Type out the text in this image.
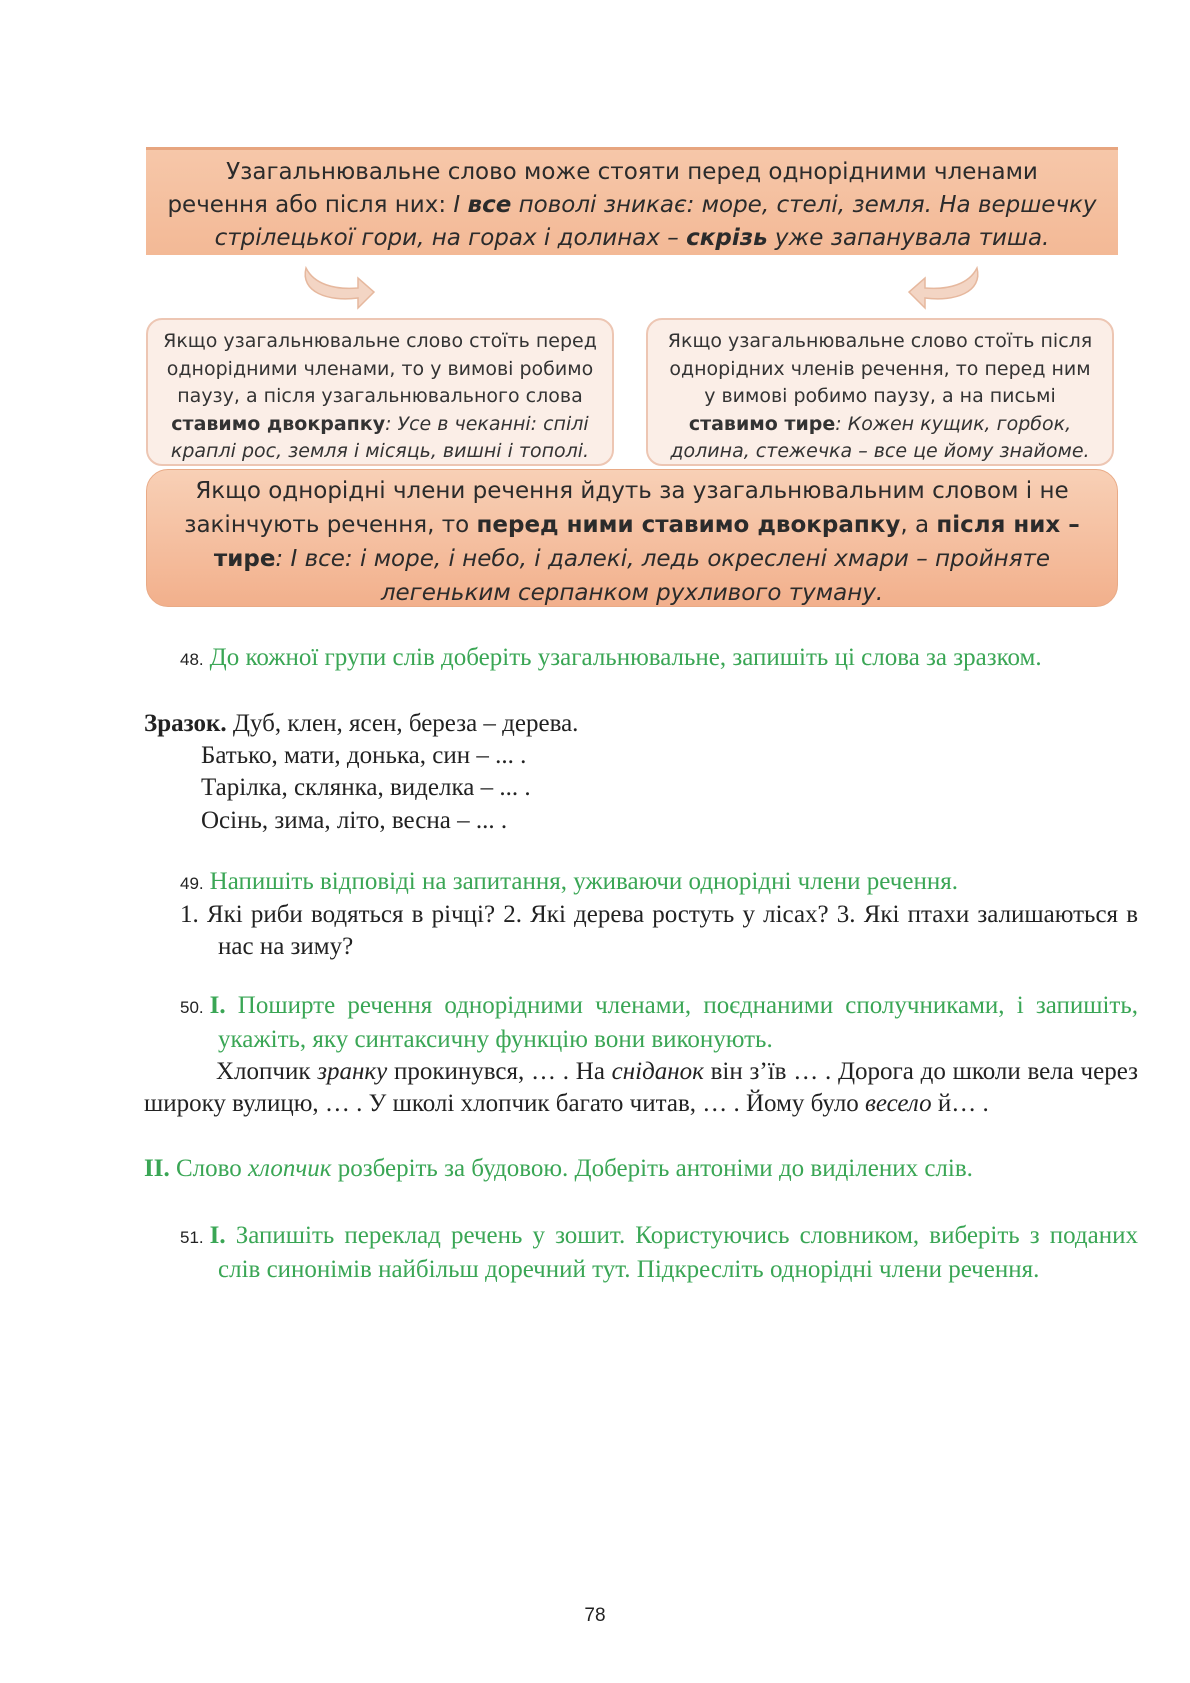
Узагальнювальне слово може стояти перед однорідними членами
речення або після них: І все поволі зникає: море, стелі, земля. На вершечку
стрілецької гори, на горах і долинах – скрізь уже запанувала тиша.
Якщо узагальнювальне слово стоїть перед
однорідними членами, то у вимові робимо
паузу, а після узагальнювального слова
ставимо двокрапку: Усе в чеканні: спілі
краплі рос, земля і місяць, вишні і тополі.
Якщо узагальнювальне слово стоїть після
однорідних членів речення, то перед ним
у вимові робимо паузу, а на письмі
ставимо тире: Кожен кущик, горбок,
долина, стежечка – все це йому знайоме.
Якщо однорідні члени речення йдуть за узагальнювальним словом і не
закінчують речення, то перед ними ставимо двокрапку, а після них –
тире: І все: і море, і небо, і далекі, ледь окреслені хмари – пройняте
легеньким серпанком рухливого туману.
48. До кожної групи слів доберіть узагальнювальне, запишіть ці слова за зразком.
Зразок. Дуб, клен, ясен, береза – дерева.
Батько, мати, донька, син – ... .
Тарілка, склянка, виделка – ... .
Осінь, зима, літо, весна – ... .
49. Напишіть відповіді на запитання, уживаючи однорідні члени речення.
1. Які риби водяться в річці? 2. Які дерева ростуть у лісах? 3. Які птахи залишаються в нас на зиму?
50. I. Поширте речення однорідними членами, поєднаними сполучниками, і запишіть, укажіть, яку синтаксичну функцію вони виконують.
Хлопчик зранку прокинувся, … . На сніданок він з’їв … . Дорога до школи вела через широку вулицю, … . У школі хлопчик багато читав, … . Йому було весело й… .
II. Слово хлопчик розберіть за будовою. Доберіть антоніми до виділених слів.
51. I. Запишіть переклад речень у зошит. Користуючись словником, виберіть з поданих слів синонімів найбільш доречний тут. Підкресліть однорідні члени речення.
78
